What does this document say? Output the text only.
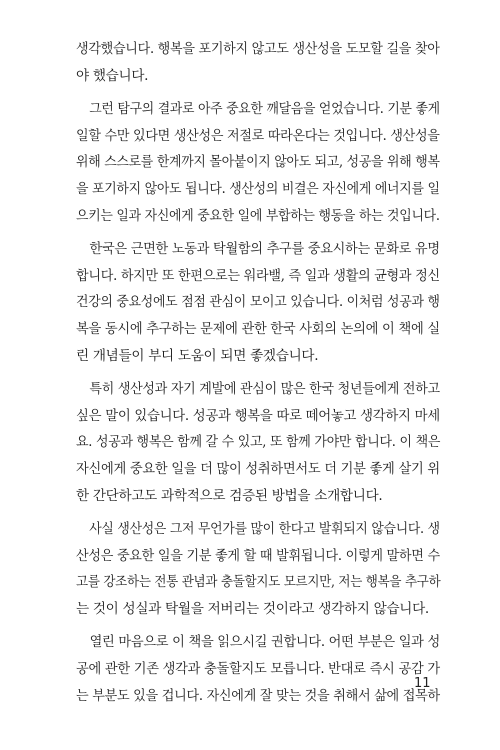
생각했습니다. 행복을 포기하지 않고도 생산성을 도모할 길을 찾아
야 했습니다.
그런 탐구의 결과로 아주 중요한 깨달음을 얻었습니다. 기분 좋게
일할 수만 있다면 생산성은 저절로 따라온다는 것입니다. 생산성을
위해 스스로를 한계까지 몰아붙이지 않아도 되고, 성공을 위해 행복
을 포기하지 않아도 됩니다. 생산성의 비결은 자신에게 에너지를 일
으키는 일과 자신에게 중요한 일에 부합하는 행동을 하는 것입니다.
한국은 근면한 노동과 탁월함의 추구를 중요시하는 문화로 유명
합니다. 하지만 또 한편으로는 워라밸, 즉 일과 생활의 균형과 정신
건강의 중요성에도 점점 관심이 모이고 있습니다. 이처럼 성공과 행
복을 동시에 추구하는 문제에 관한 한국 사회의 논의에 이 책에 실
린 개념들이 부디 도움이 되면 좋겠습니다.
특히 생산성과 자기 계발에 관심이 많은 한국 청년들에게 전하고
싶은 말이 있습니다. 성공과 행복을 따로 떼어놓고 생각하지 마세
요. 성공과 행복은 함께 갈 수 있고, 또 함께 가야만 합니다. 이 책은
자신에게 중요한 일을 더 많이 성취하면서도 더 기분 좋게 살기 위
한 간단하고도 과학적으로 검증된 방법을 소개합니다.
사실 생산성은 그저 무언가를 많이 한다고 발휘되지 않습니다. 생
산성은 중요한 일을 기분 좋게 할 때 발휘됩니다. 이렇게 말하면 수
고를 강조하는 전통 관념과 충돌할지도 모르지만, 저는 행복을 추구하
는 것이 성실과 탁월을 저버리는 것이라고 생각하지 않습니다.
열린 마음으로 이 책을 읽으시길 권합니다. 어떤 부분은 일과 성
공에 관한 기존 생각과 충돌할지도 모릅니다. 반대로 즉시 공감 가
는 부분도 있을 겁니다. 자신에게 잘 맞는 것을 취해서 삶에 접목하
11
